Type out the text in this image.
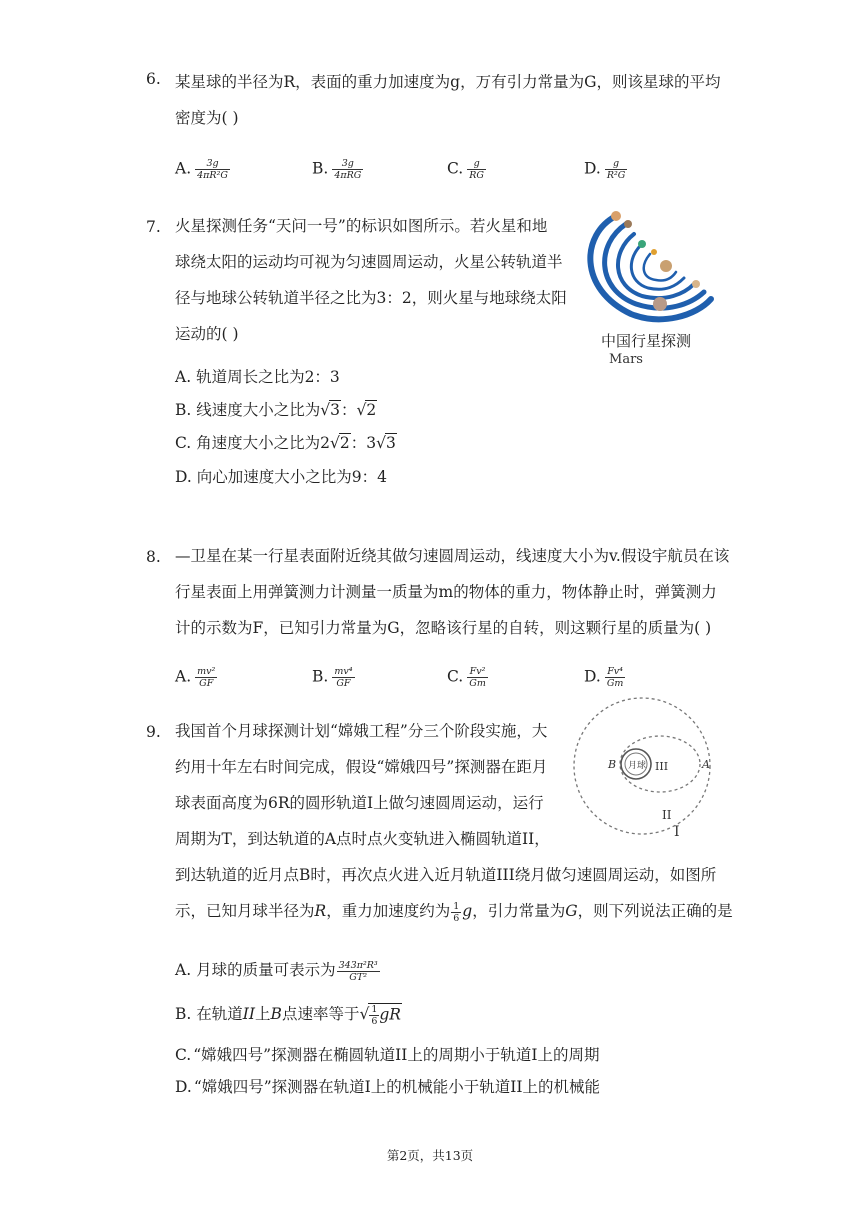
6. 某星球的半径为R，表面的重力加速度为g，万有引力常量为G，则该星球的平均
密度为( )
A. $\frac{3g}{\text{4πR²G}}$	B. $\frac{3g}{\text{4πRG}}$	C. $\frac{g}{RG}$	D. $\frac{g}{\text{R²G}}$
7. 火星探测任务“天问一号”的标识如图所示。若火星和地
球绕太阳的运动均可视为匀速圆周运动，火星公转轨道半
径与地球公转轨道半径之比为3：2，则火星与地球绕太阳
运动的( )	中国行星探测
Mars
A. 轨道周长之比为2：3
B. 线速度大小之比为√3：√2
C. 角速度大小之比为2√2：3√3
D. 向心加速度大小之比为9：4
8. —卫星在某一行星表面附近绕其做匀速圆周运动，线速度大小为v.假设宇航员在该
行星表面上用弹簧测力计测量一质量为m的物体的重力，物体静止时，弹簧测力
计的示数为F，已知引力常量为G，忽略该行星的自转，则这颗行星的质量为( )
A. $\frac{\text{mv²}}{GF}$	B. $\frac{\text{mv⁴}}{GF}$	C. $\frac{\text{Fv²}}{Gm}$	D. $\frac{\text{Fv⁴}}{Gm}$
9. 我国首个月球探测计划“嫦娥工程”分三个阶段实施，大
约用十年左右时间完成，假设“嫦娥四号”探测器在距月
球表面高度为6R的圆形轨道I上做匀速圆周运动，运行
周期为T，到达轨道的A点时点火变轨进入椭圆轨道II，
到达轨道的近月点B时，再次点火进入近月轨道III绕月做匀速圆周运动，如图所
示，已知月球半径为R，重力加速度约为 $\frac{1}{6}$ g，引力常量为G，则下列说法正确的是
月球
B	III	A
II
I
A. 月球的质量可表示为 $\frac{\text{343π²R³}}{\text{GT²}}$
B. 在轨道II上B点速率等于√ $\frac{1}{6}$ gR
C. “嫦娥四号”探测器在椭圆轨道II上的周期小于轨道I上的周期
D. “嫦娥四号”探测器在轨道I上的机械能小于轨道II上的机械能
第2页，共13页
